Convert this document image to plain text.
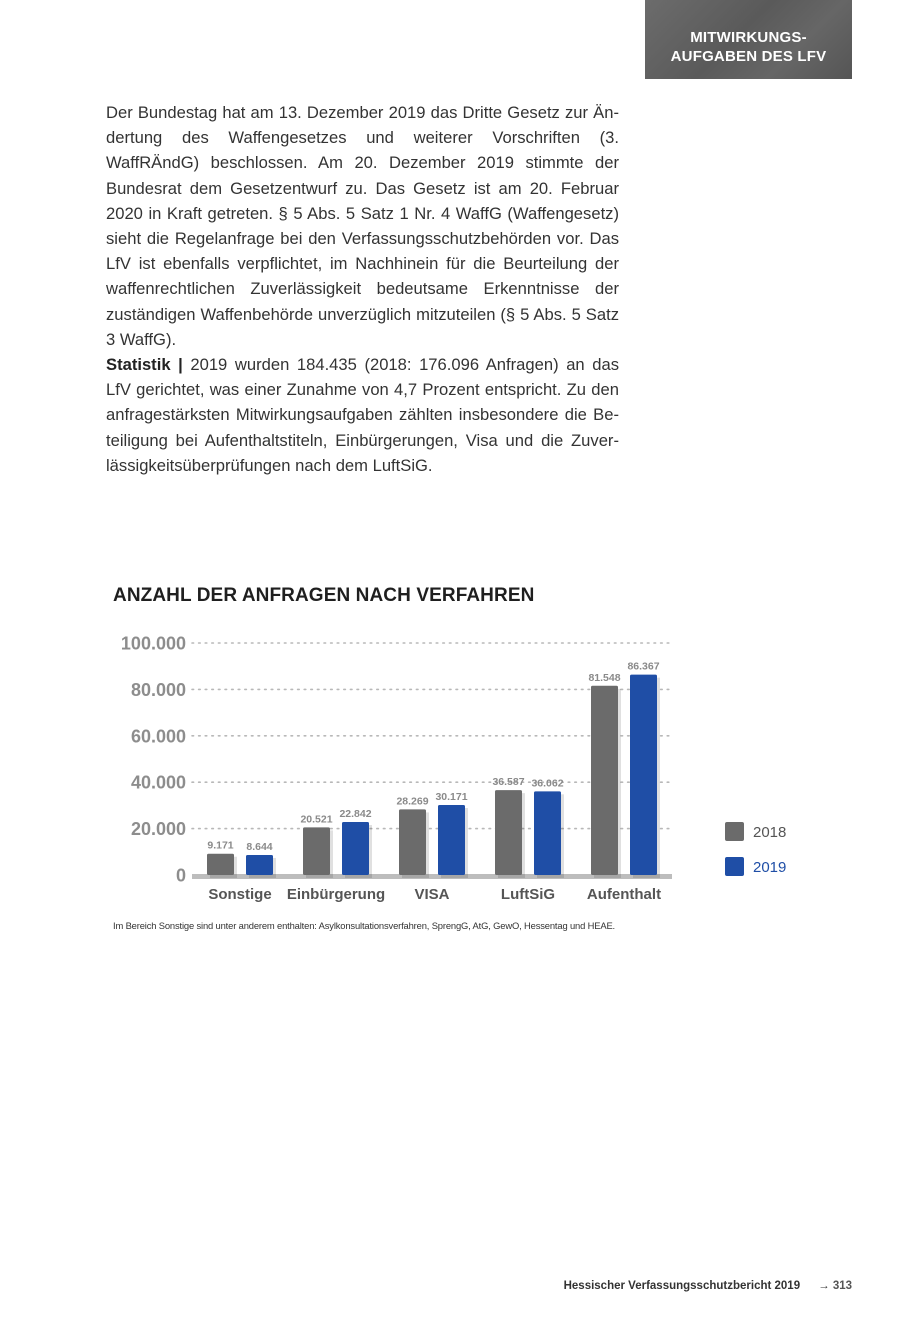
MITWIRKUNGS-
AUFGABEN DES LFV

Der Bundestag hat am 13. Dezember 2019 das Dritte Gesetz zur Ändertung des Waffengesetzes und weiterer Vorschriften (3. WaffRÄndG) beschlossen. Am 20. Dezember 2019 stimmte der Bundesrat dem Gesetzentwurf zu. Das Gesetz ist am 20. Februar 2020 in Kraft getreten. § 5 Abs. 5 Satz 1 Nr. 4 WaffG (Waffengesetz) sieht die Regelanfrage bei den Verfassungsschutzbehörden vor. Das LfV ist ebenfalls verpflichtet, im Nachhinein für die Beurteilung der waffenrechtlichen Zuverlässigkeit bedeutsame Erkenntnisse der zuständigen Waffenbehörde unverzüglich mitzuteilen (§ 5 Abs. 5 Satz 3 WaffG).

Statistik | 2019 wurden 184.435 (2018: 176.096 Anfragen) an das LfV gerichtet, was einer Zunahme von 4,7 Prozent entspricht. Zu den anfragestärksten Mitwirkungsaufgaben zählten insbesondere die Beteiligung bei Aufenthaltstiteln, Einbürgerungen, Visa und die Zuverlässigkeitsüberprüfungen nach dem LuftSiG.

ANZAHL DER ANFRAGEN NACH VERFAHREN
0
20.000
40.000
60.000
80.000
100.000
9.171 8.644
Sonstige
20.521 22.842
Einbürgerung
28.269 30.171
VISA
36.587 36.062
LuftSiG
81.548
86.367
Aufenthalt
2018
2019
Im Bereich Sonstige sind unter anderem enthalten: Asylkonsultationsverfahren, SprengG, AtG, GewO, Hessentag und HEAE.
Hessischer Verfassungsschutzbericht 2019 → 313
